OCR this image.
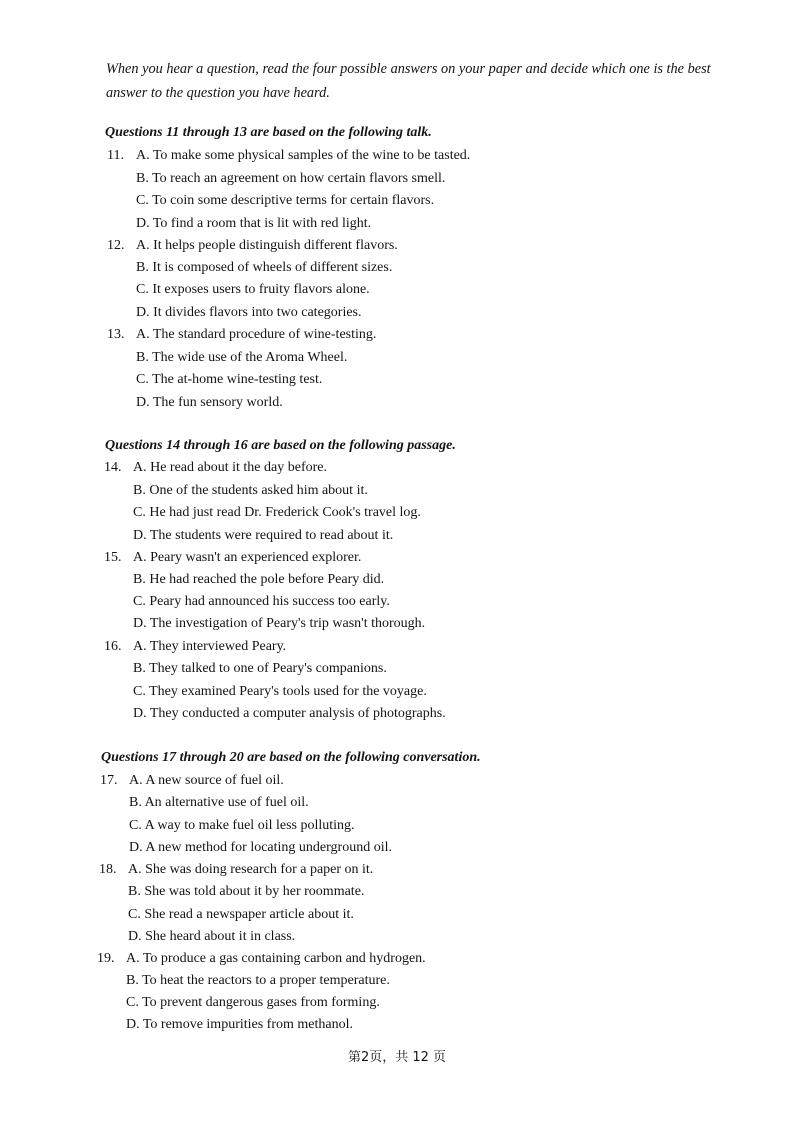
When you hear a question, read the four possible answers on your paper and decide which one is the best answer to the question you have heard.
Questions 11 through 13 are based on the following talk.
11. A. To make some physical samples of the wine to be tasted.
B. To reach an agreement on how certain flavors smell.
C. To coin some descriptive terms for certain flavors.
D. To find a room that is lit with red light.
12. A. It helps people distinguish different flavors.
B. It is composed of wheels of different sizes.
C. It exposes users to fruity flavors alone.
D. It divides flavors into two categories.
13. A. The standard procedure of wine-testing.
B. The wide use of the Aroma Wheel.
C. The at-home wine-testing test.
D. The fun sensory world.
Questions 14 through 16 are based on the following passage.
14. A. He read about it the day before.
B. One of the students asked him about it.
C. He had just read Dr. Frederick Cook's travel log.
D. The students were required to read about it.
15. A. Peary wasn't an experienced explorer.
B. He had reached the pole before Peary did.
C. Peary had announced his success too early.
D. The investigation of Peary's trip wasn't thorough.
16. A. They interviewed Peary.
B. They talked to one of Peary's companions.
C. They examined Peary's tools used for the voyage.
D. They conducted a computer analysis of photographs.
Questions 17 through 20 are based on the following conversation.
17. A. A new source of fuel oil.
B. An alternative use of fuel oil.
C. A way to make fuel oil less polluting.
D. A new method for locating underground oil.
18. A. She was doing research for a paper on it.
B. She was told about it by her roommate.
C. She read a newspaper article about it.
D. She heard about it in class.
19. A. To produce a gas containing carbon and hydrogen.
B. To heat the reactors to a proper temperature.
C. To prevent dangerous gases from forming.
D. To remove impurities from methanol.
第2页，共 12 页
